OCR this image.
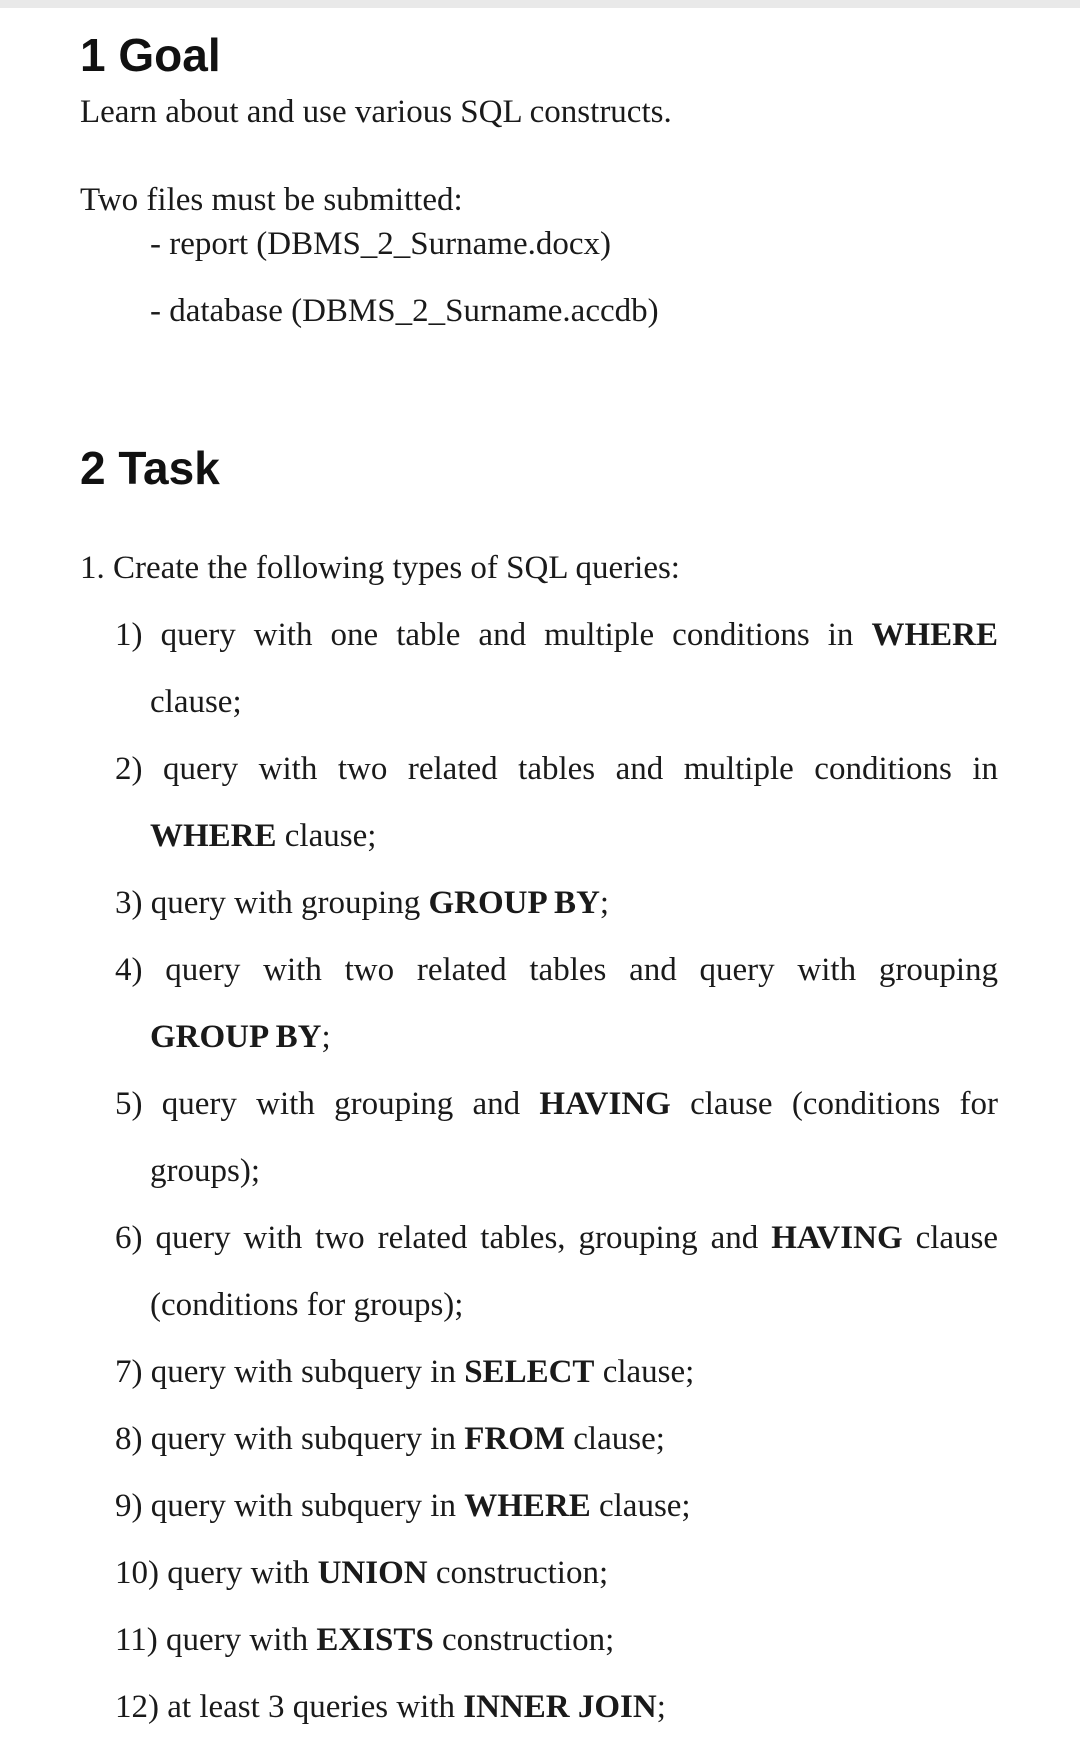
1 Goal

Learn about and use various SQL constructs.

Two files must be submitted:

- report (DBMS_2_Surname.docx)

- database (DBMS_2_Surname.accdb)

2 Task

1. Create the following types of SQL queries:

1) query with one table and multiple conditions in WHERE

clause;

2) query with two related tables and multiple conditions in

WHERE clause;

3) query with grouping GROUP BY;

4) query with two related tables and query with grouping

GROUP BY;

5) query with grouping and HAVING clause (conditions for

groups);

6) query with two related tables, grouping and HAVING clause

(conditions for groups);

7) query with subquery in SELECT clause;

8) query with subquery in FROM clause;

9) query with subquery in WHERE clause;

10) query with UNION construction;

11) query with EXISTS construction;

12) at least 3 queries with INNER JOIN;
